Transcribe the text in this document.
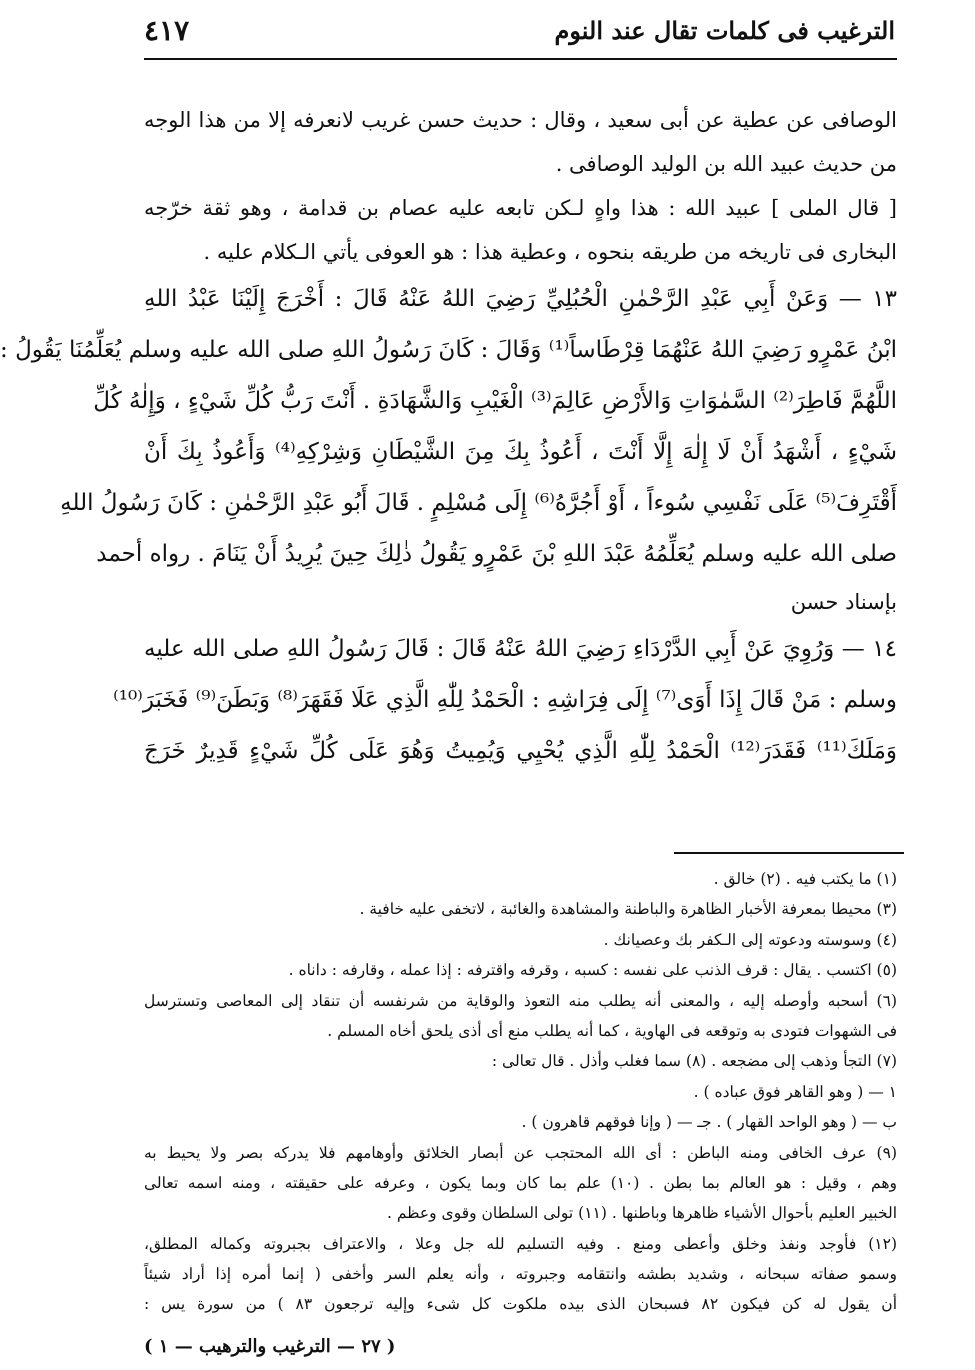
٤١٧	الترغيب فى كلمات تقال عند النوم
الوصافى عن عطية عن أبى سعيد ، وقال : حديث حسن غريب لانعرفه إلا من هذا الوجه
من حديث عبيد الله بن الوليد الوصافى .
[ قال الملى ] عبيد الله : هذا واهٍ لـكن تابعه عليه عصام بن قدامة ، وهو ثقة خرّجه
البخارى فى تاريخه من طريقه بنحوه ، وعطية هذا : هو العوفى يأتي الـكلام عليه .
١٣ — وَعَنْ أَبِي عَبْدِ الرَّحْمٰنِ الْحُبُلِيِّ رَضِيَ اللهُ عَنْهُ قَالَ : أَخْرَجَ إِلَيْنَا عَبْدُ اللهِ
ابْنُ عَمْرٍو رَضِيَ اللهُ عَنْهُمَا قِرْطَاساً⁽¹⁾ وَقَالَ : كَانَ رَسُولُ اللهِ صلى الله عليه وسلم يُعَلِّمُنَا يَقُولُ :
اللَّهُمَّ فَاطِرَ⁽²⁾ السَّمٰوَاتِ وَالأَرْضِ عَالِمَ⁽³⁾ الْغَيْبِ وَالشَّهَادَةِ . أَنْتَ رَبُّ كُلِّ شَيْءٍ ، وَإِلٰهُ كُلِّ
شَيْءٍ ، أَشْهَدُ أَنْ لَا إِلٰهَ إِلَّا أَنْتَ ، أَعُوذُ بِكَ مِنَ الشَّيْطَانِ وَشِرْكِهِ⁽⁴⁾ وَأَعُوذُ بِكَ أَنْ
أَقْتَرِفَ⁽⁵⁾ عَلَى نَفْسِي سُوءاً ، أَوْ أَجُرَّهُ⁽⁶⁾ إِلَى مُسْلِمٍ . قَالَ أَبُو عَبْدِ الرَّحْمٰنِ : كَانَ رَسُولُ اللهِ
صلى الله عليه وسلم يُعَلِّمُهُ عَبْدَ اللهِ بْنَ عَمْرٍو يَقُولُ ذٰلِكَ حِينَ يُرِيدُ أَنْ يَنَامَ . رواه أحمد
بإسناد حسن
١٤ — وَرُوِيَ عَنْ أَبِي الدَّرْدَاءِ رَضِيَ اللهُ عَنْهُ قَالَ : قَالَ رَسُولُ اللهِ صلى الله عليه
وسلم : مَنْ قَالَ إِذَا أَوَى⁽⁷⁾ إِلَى فِرَاشِهِ : الْحَمْدُ لِلّٰهِ الَّذِي عَلَا فَقَهَرَ⁽⁸⁾ وَبَطَنَ⁽⁹⁾ فَخَبَرَ⁽¹⁰⁾
وَمَلَكَ⁽¹¹⁾ فَقَدَرَ⁽¹²⁾ الْحَمْدُ لِلّٰهِ الَّذِي يُحْيِي وَيُمِيتُ وَهُوَ عَلَى كُلِّ شَيْءٍ قَدِيرٌ خَرَجَ
(١) ما يكتب فيه . (٢) خالق .
(٣) محيطا بمعرفة الأخبار الظاهرة والباطنة والمشاهدة والغائبة ، لاتخفى عليه خافية .
(٤) وسوسته ودعوته إلى الـكفر بك وعصيانك .
(٥) اكتسب . يقال : قرف الذنب على نفسه : كسبه ، وقرفه واقترفه : إذا عمله ، وقارفه : داناه .
(٦) أسحبه وأوصله إليه ، والمعنى أنه يطلب منه التعوذ والوقاية من شرنفسه أن تنقاد إلى المعاصى وتسترسل
فى الشهوات فتودى به وتوقعه فى الهاوية ، كما أنه يطلب منع أى أذى يلحق أخاه المسلم .
(٧) التجأ وذهب إلى مضجعه . (٨) سما فغلب وأذل . قال تعالى :
١ — ( وهو القاهر فوق عباده ) .
ب — ( وهو الواحد القهار ) . جـ — ( وإنا فوقهم قاهرون ) .
(٩) عرف الخافى ومنه الباطن : أى الله المحتجب عن أبصار الخلائق وأوهامهم فلا يدركه بصر ولا يحيط به
وهم ، وقيل : هو العالم بما بطن . (١٠) علم بما كان وبما يكون ، وعرفه على حقيقته ، ومنه اسمه تعالى
الخبير العليم بأحوال الأشياء ظاهرها وباطنها . (١١) تولى السلطان وقوى وعظم .
(١٢) فأوجد ونفذ وخلق وأعطى ومنع . وفيه التسليم لله جل وعلا ، والاعتراف بجبروته وكماله المطلق،
وسمو صفاته سبحانه ، وشديد بطشه وانتقامه وجبروته ، وأنه يعلم السر وأخفى ( إنما أمره إذا أراد شيئاً
أن يقول له كن فيكون ٨٢ فسبحان الذى بيده ملكوت كل شىء وإليه ترجعون ٨٣ ) من سورة يس :
( ٢٧ — الترغيب والترهيب — ١ )
